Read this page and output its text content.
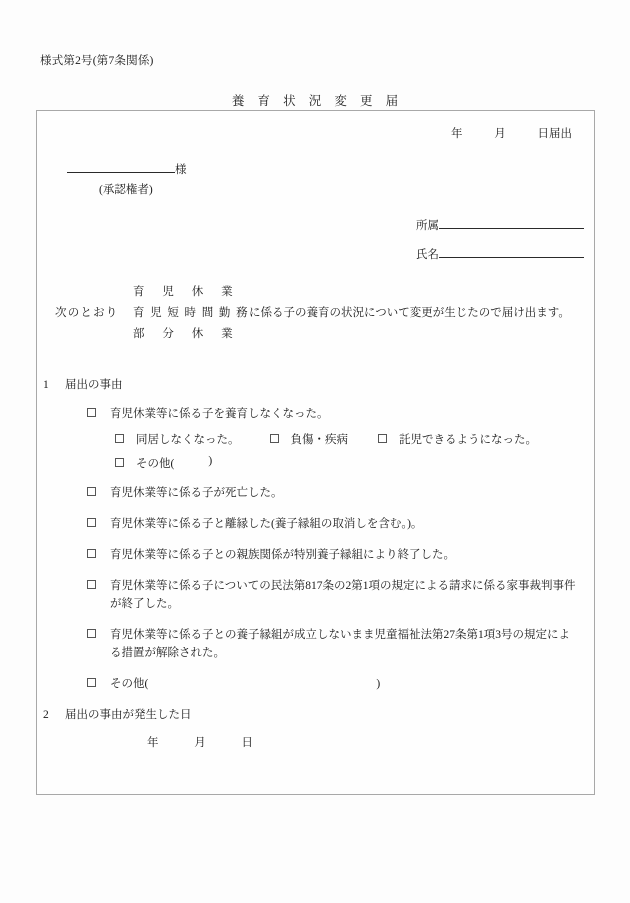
様式第2号(第7条関係)
養 育 状 況 変 更 届
年	月	日届出
様
(承認権者)
所属
氏名
育 児 休 業
次のとおり	育 児 短 時 間 勤 務 に係る子の養育の状況について変更が生じたので届け出ます。
部 分 休 業
1 届出の事由
育児休業等に係る子を養育しなくなった。
同居しなくなった。	負傷・疾病	託児できるようになった。
その他(	)
育児休業等に係る子が死亡した。
育児休業等に係る子と離縁した(養子縁組の取消しを含む。)。
育児休業等に係る子との親族関係が特別養子縁組により終了した。
育児休業等に係る子についての民法第817条の2第1項の規定による請求に係る家事裁判事件が終了した。
育児休業等に係る子との養子縁組が成立しないまま児童福祉法第27条第1項3号の規定による措置が解除された。
その他(	)
2 届出の事由が発生した日
年	月	日
